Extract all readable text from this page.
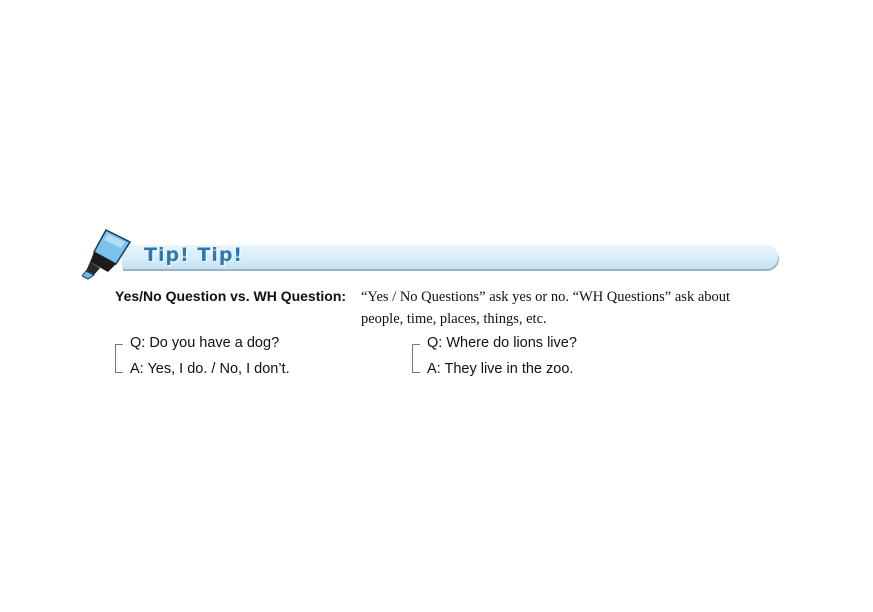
Tip! Tip!
Yes/No Question vs. WH Question: “Yes / No Questions” ask yes or no. “WH Questions” ask about people, time, places, things, etc.
Q: Do you have a dog?
A: Yes, I do. / No, I don’t.
Q: Where do lions live?
A: They live in the zoo.
